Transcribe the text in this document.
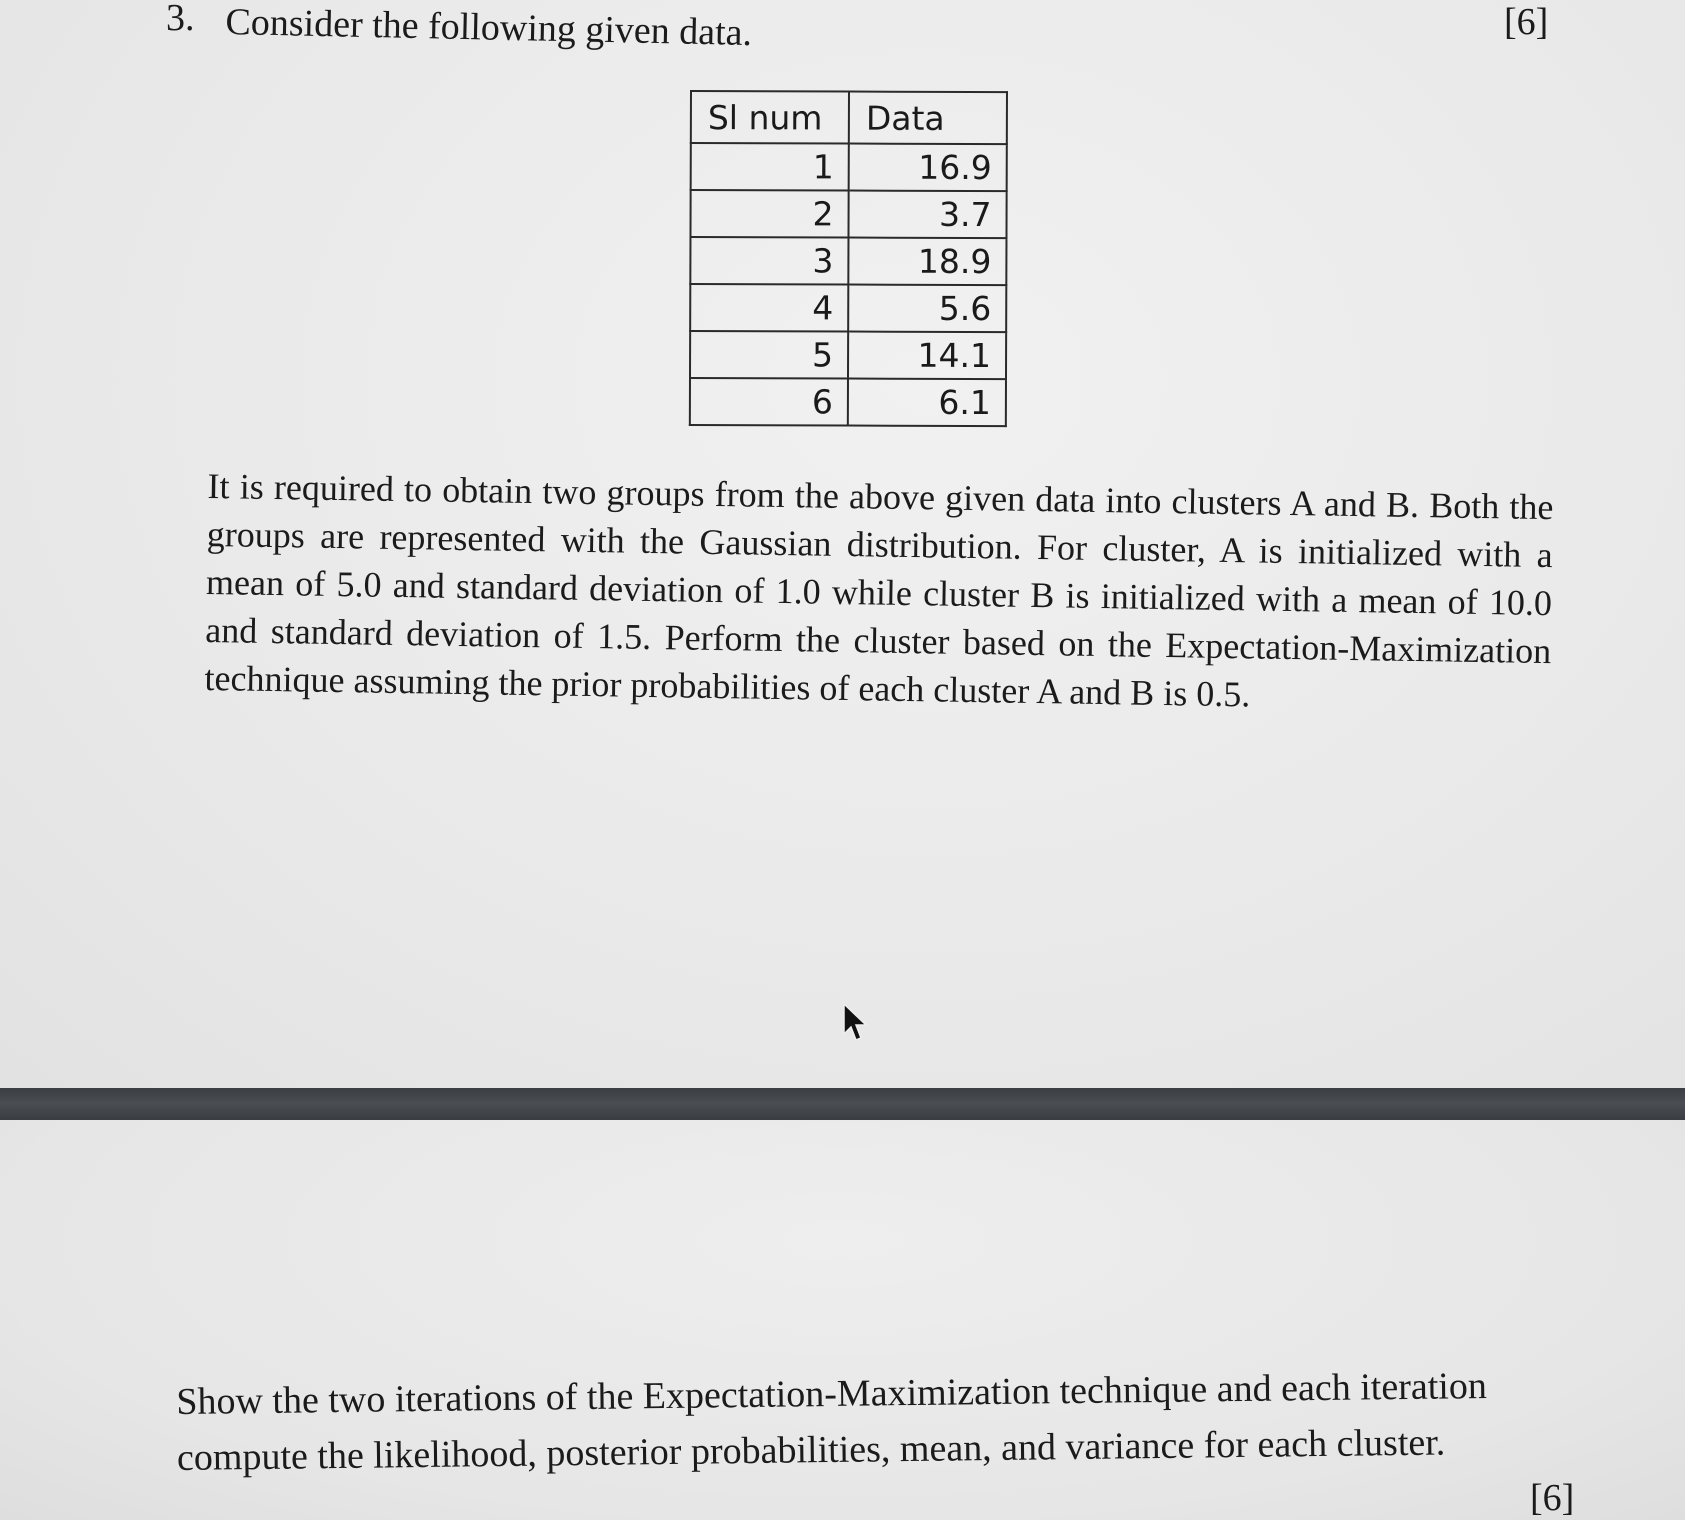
3. Consider the following given data.	[6]
Sl num	Data
1	16.9
2	3.7
3	18.9
4	5.6
5	14.1
6	6.1
It is required to obtain two groups from the above given data into clusters A and B. Both the groups are represented with the Gaussian distribution. For cluster, A is initialized with a mean of 5.0 and standard deviation of 1.0 while cluster B is initialized with a mean of 10.0 and standard deviation of 1.5. Perform the cluster based on the Expectation-Maximization technique assuming the prior probabilities of each cluster A and B is 0.5.
Show the two iterations of the Expectation-Maximization technique and each iteration compute the likelihood, posterior probabilities, mean, and variance for each cluster.
[6]
